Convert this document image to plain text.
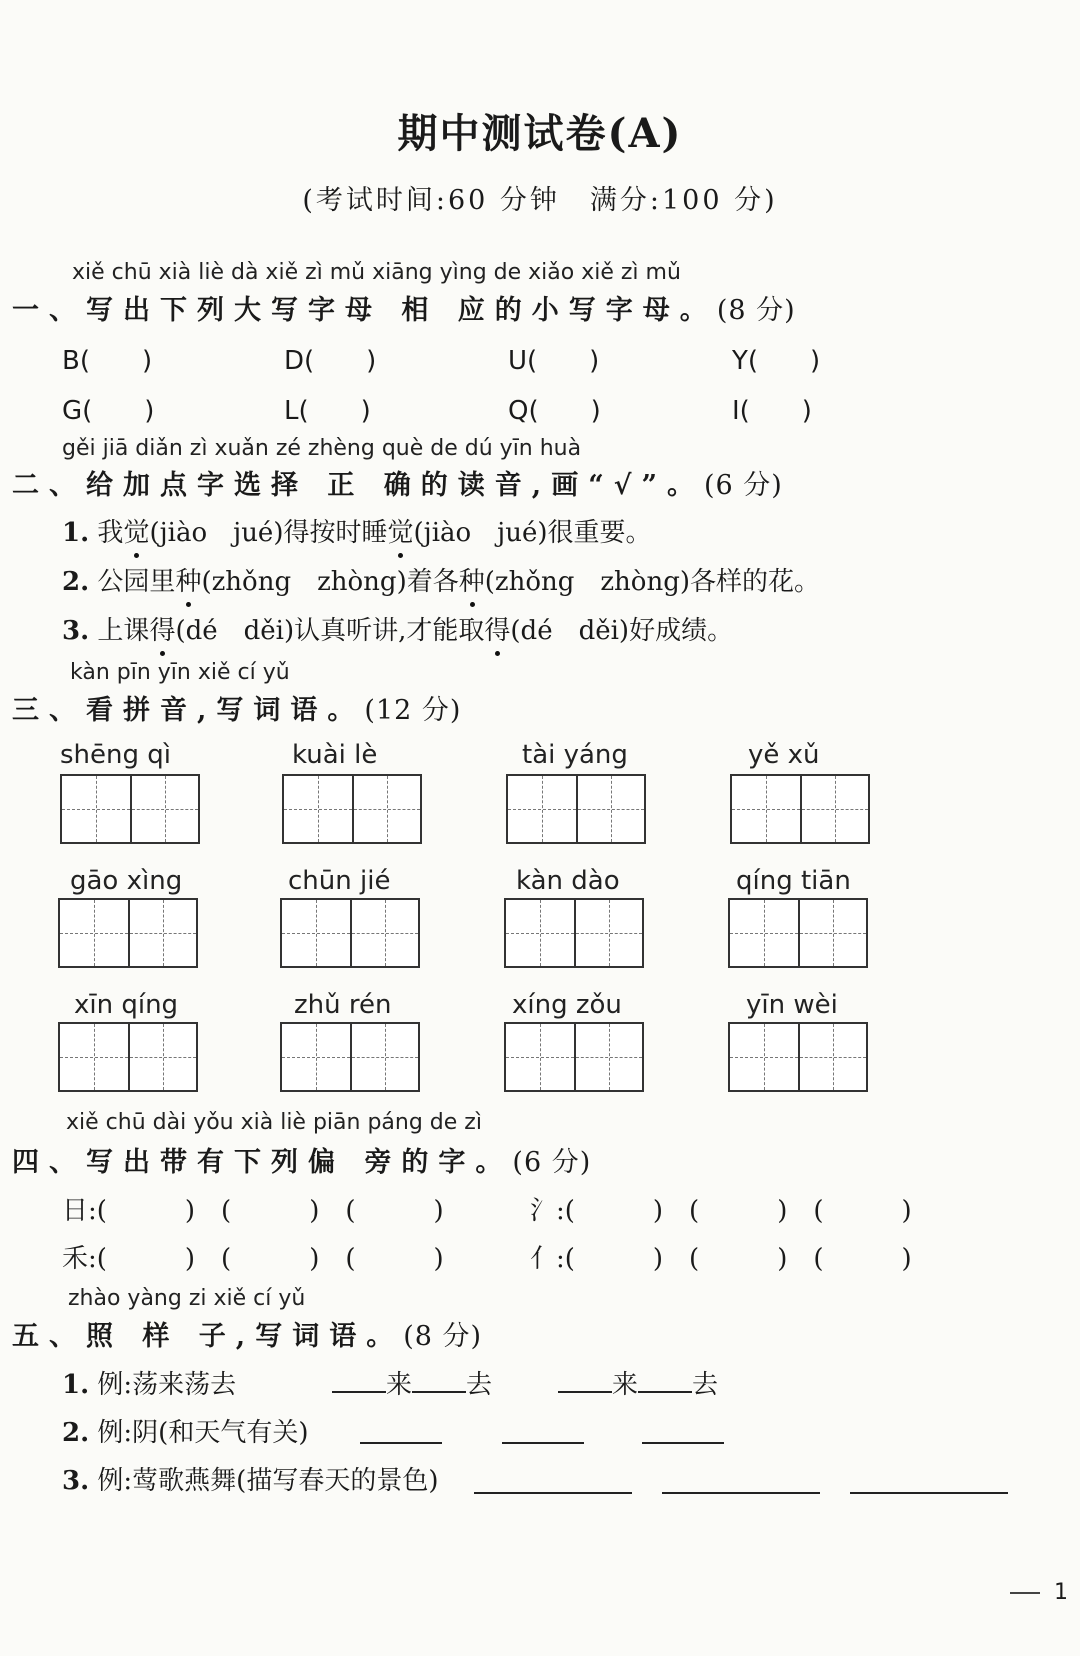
期中测试卷(A)
(考试时间:60 分钟　满分:100 分)
xiě chū xià liè dà xiě zì mǔ xiāng yìng de xiǎo xiě zì mǔ
一、写出下列大写字母 相 应的小写字母。(8 分)
B(　　)	D(　　)	U(　　)	Y(　　)
G(　　)	L(　　)	Q(　　)	I(　　)
gěi jiā diǎn zì xuǎn zé zhèng què de dú yīn huà
二、给加点字选择 正 确的读音,画“√”。(6 分)
1. 我觉(jiào　jué)得按时睡觉(jiào　jué)很重要。
2. 公园里种(zhǒng　zhòng)着各种(zhǒng　zhòng)各样的花。
3. 上课得(dé　děi)认真听讲,才能取得(dé　děi)好成绩。
kàn pīn yīn xiě cí yǔ
三、看拼音,写词语。(12 分)
shēng qì	kuài lè	tài yáng	yě xǔ
gāo xìng	chūn jié	kàn dào	qíng tiān
xīn qíng	zhǔ rén	xíng zǒu	yīn wèi
xiě chū dài yǒu xià liè piān páng de zì
四、写出带有下列偏 旁的字。(6 分)
日:(　　　)　(　　　)　(　　　)	氵:(　　　)　(　　　)　(　　　)
禾:(　　　)　(　　　)　(　　　)	亻:(　　　)　(　　　)　(　　　)
zhào yàng zi xiě cí yǔ
五、照 样 子,写词语。(8 分)
1. 例:荡来荡去	来 去	来 去
2. 例:阴(和天气有关)
3. 例:莺歌燕舞(描写春天的景色)
1
